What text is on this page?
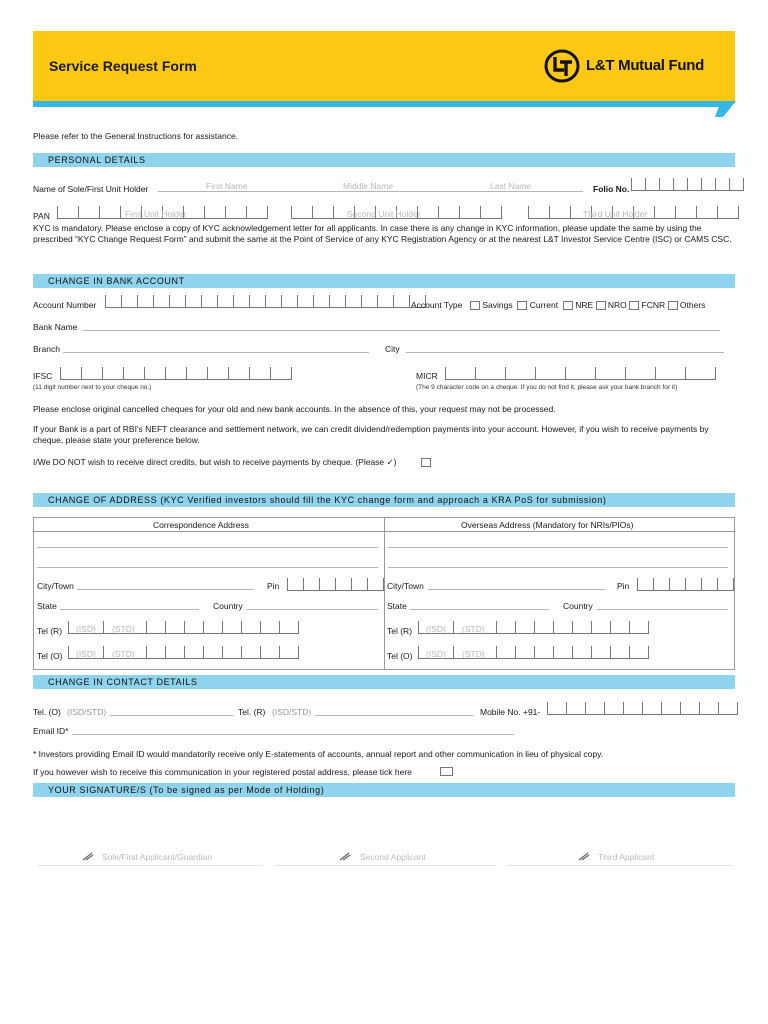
Service Request Form	L&T Mutual Fund
Please refer to the General Instructions for assistance.
PERSONAL DETAILS
Name of Sole/First Unit Holder	First Name	Middle Name	Last Name	Folio No.
PAN	First Unit Holder	Second Unit Holder	Third Unit Holder
KYC is mandatory. Please enclose a copy of KYC acknowledgement letter for all applicants. In case there is any change in KYC information, please update the same by using the prescribed “KYC Change Request Form” and submit the same at the Point of Service of any KYC Registration Agency or at the nearest L&T Investor Service Centre (ISC) or CAMS CSC.
CHANGE IN BANK ACCOUNT
Account Number	Account Type	Savings Current NRE NRO FCNR Others
Bank Name
Branch	City
IFSC
(11 digit number next to your cheque no.)
MICR
(The 9 character code on a cheque. If you do not find it, please ask your bank branch for it)
Please enclose original cancelled cheques for your old and new bank accounts. In the absence of this, your request may not be processed.
If your Bank is a part of RBI's NEFT clearance and settlement network, we can credit dividend/redemption payments into your account. However, if you wish to receive payments by cheque, please state your preference below.
I/We DO NOT wish to receive direct credits, but wish to receive payments by cheque. (Please ✓)
CHANGE OF ADDRESS (KYC Verified investors should fill the KYC change form and approach a KRA PoS for submission)
Correspondence Address	Overseas Address (Mandatory for NRIs/PIOs)
City/Town	Pin
State	Country
Tel (R) (ISD) (STD)
Tel (O) (ISD) (STD)
City/Town	Pin
State	Country
Tel (R) (ISD) (STD)
Tel (O) (ISD) (STD)
CHANGE IN CONTACT DETAILS
Tel. (O) (ISD/STD)	Tel. (R) (ISD/STD)	Mobile No. +91-
Email ID*
* Investors providing Email ID would mandatorily receive only E-statements of accounts, annual report and other communication in lieu of physical copy.
If you however wish to receive this communication in your registered postal address, please tick here
YOUR SIGNATURE/S (To be signed as per Mode of Holding)
Sole/First Applicant/Guardian	Second Applicant	Third Applicant
